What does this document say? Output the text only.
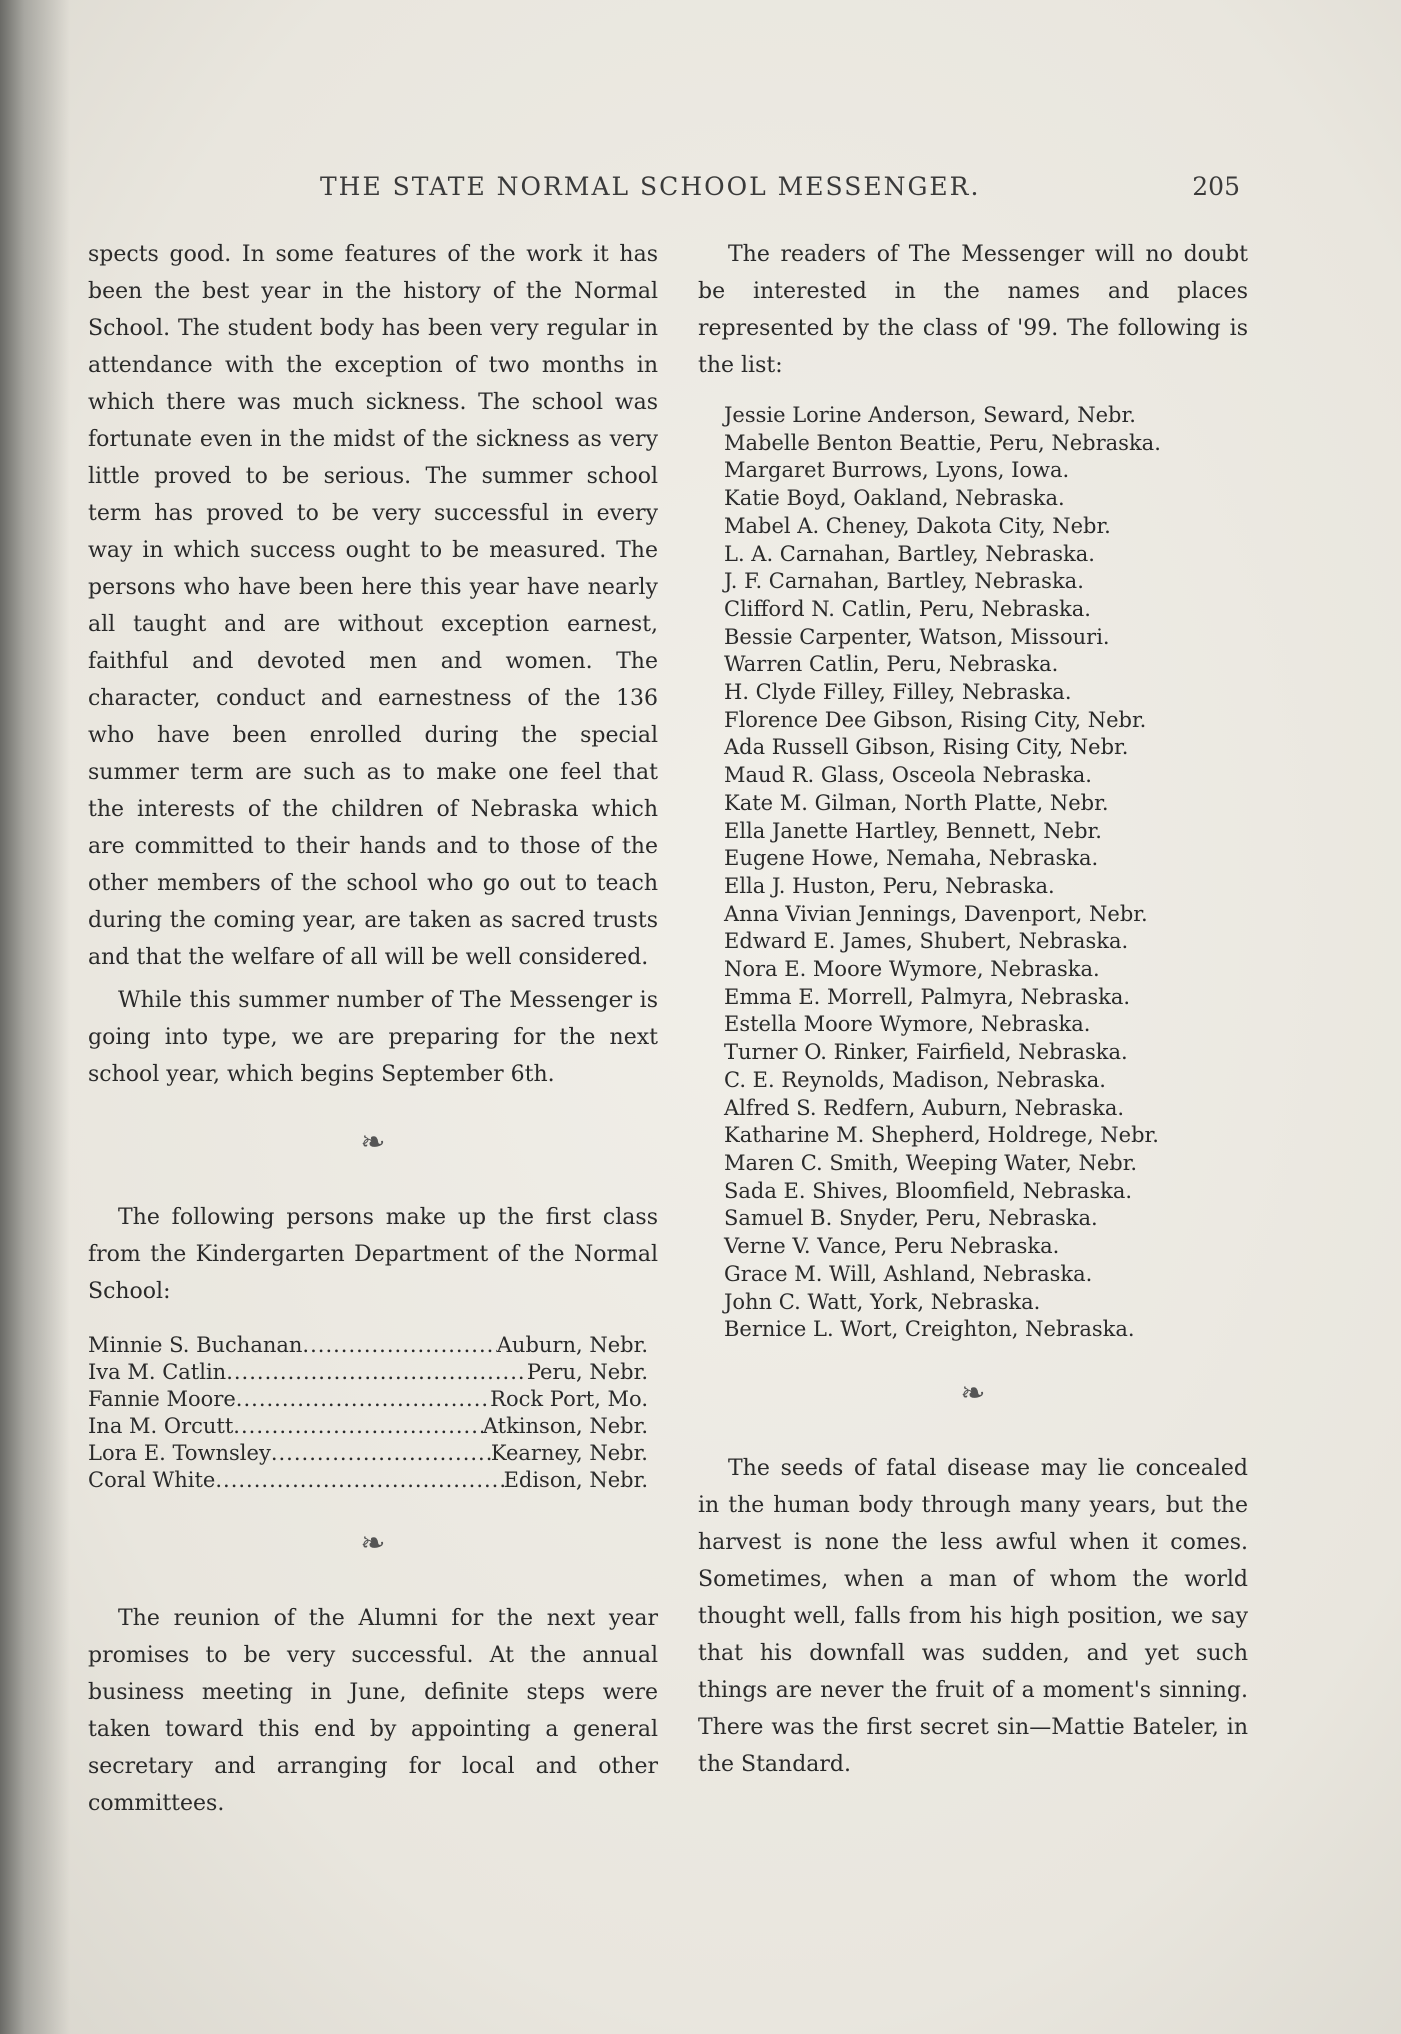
THE STATE NORMAL SCHOOL MESSENGER.	205

spects good. In some features of the work it has been the best year in the history of the Normal School. The student body has been very regular in attendance with the exception of two months in which there was much sickness. The school was fortunate even in the midst of the sickness as very little proved to be serious. The summer school term has proved to be very successful in every way in which success ought to be measured. The persons who have been here this year have nearly all taught and are without exception earnest, faithful and devoted men and women. The character, conduct and earnestness of the 136 who have been enrolled during the special summer term are such as to make one feel that the interests of the children of Nebraska which are committed to their hands and to those of the other members of the school who go out to teach during the coming year, are taken as sacred trusts and that the welfare of all will be well considered.

While this summer number of The Messenger is going into type, we are preparing for the next school year, which begins September 6th.

❧

The following persons make up the first class from the Kindergarten Department of the Normal School:

Minnie S. Buchanan .....	Auburn, Nebr.
Iva M. Catlin .....	Peru, Nebr.
Fannie Moore .....	Rock Port, Mo.
Ina M. Orcutt .....	Atkinson, Nebr.
Lora E. Townsley .....	Kearney, Nebr.
Coral White .....	Edison, Nebr.
❧

The reunion of the Alumni for the next year promises to be very successful. At the annual business meeting in June, definite steps were taken toward this end by appointing a general secretary and arranging for local and other committees.

The readers of The Messenger will no doubt be interested in the names and places represented by the class of '99. The following is the list:

Jessie Lorine Anderson, Seward, Nebr.
Mabelle Benton Beattie, Peru, Nebraska.
Margaret Burrows, Lyons, Iowa.
Katie Boyd, Oakland, Nebraska.
Mabel A. Cheney, Dakota City, Nebr.
L. A. Carnahan, Bartley, Nebraska.
J. F. Carnahan, Bartley, Nebraska.
Clifford N. Catlin, Peru, Nebraska.
Bessie Carpenter, Watson, Missouri.
Warren Catlin, Peru, Nebraska.
H. Clyde Filley, Filley, Nebraska.
Florence Dee Gibson, Rising City, Nebr.
Ada Russell Gibson, Rising City, Nebr.
Maud R. Glass, Osceola Nebraska.
Kate M. Gilman, North Platte, Nebr.
Ella Janette Hartley, Bennett, Nebr.
Eugene Howe, Nemaha, Nebraska.
Ella J. Huston, Peru, Nebraska.
Anna Vivian Jennings, Davenport, Nebr.
Edward E. James, Shubert, Nebraska.
Nora E. Moore Wymore, Nebraska.
Emma E. Morrell, Palmyra, Nebraska.
Estella Moore Wymore, Nebraska.
Turner O. Rinker, Fairfield, Nebraska.
C. E. Reynolds, Madison, Nebraska.
Alfred S. Redfern, Auburn, Nebraska.
Katharine M. Shepherd, Holdrege, Nebr.
Maren C. Smith, Weeping Water, Nebr.
Sada E. Shives, Bloomfield, Nebraska.
Samuel B. Snyder, Peru, Nebraska.
Verne V. Vance, Peru Nebraska.
Grace M. Will, Ashland, Nebraska.
John C. Watt, York, Nebraska.
Bernice L. Wort, Creighton, Nebraska.
❧

The seeds of fatal disease may lie concealed in the human body through many years, but the harvest is none the less awful when it comes. Sometimes, when a man of whom the world thought well, falls from his high position, we say that his downfall was sudden, and yet such things are never the fruit of a moment's sinning. There was the first secret sin—Mattie Bateler, in the Standard.
